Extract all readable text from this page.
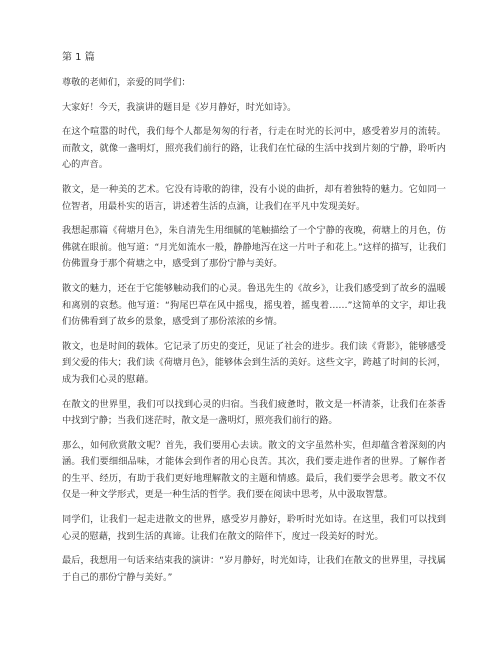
第 1 篇

尊敬的老师们，亲爱的同学们：

大家好！今天，我演讲的题目是《岁月静好，时光如诗》。

在这个喧嚣的时代，我们每个人都是匆匆的行者，行走在时光的长河中，感受着岁月的流转。而散文，就像一盏明灯，照亮我们前行的路，让我们在忙碌的生活中找到片刻的宁静，聆听内心的声音。

散文，是一种美的艺术。它没有诗歌的韵律，没有小说的曲折，却有着独特的魅力。它如同一位智者，用最朴实的语言，讲述着生活的点滴，让我们在平凡中发现美好。

我想起那篇《荷塘月色》，朱自清先生用细腻的笔触描绘了一个宁静的夜晚，荷塘上的月色，仿佛就在眼前。他写道：“月光如流水一般，静静地泻在这一片叶子和花上。”这样的描写，让我们仿佛置身于那个荷塘之中，感受到了那份宁静与美好。

散文的魅力，还在于它能够触动我们的心灵。鲁迅先生的《故乡》，让我们感受到了故乡的温暖和离别的哀愁。他写道：“狗尾巴草在风中摇曳，摇曳着，摇曳着……”这简单的文字，却让我们仿佛看到了故乡的景象，感受到了那份浓浓的乡情。

散文，也是时间的载体。它记录了历史的变迁，见证了社会的进步。我们读《背影》，能够感受到父爱的伟大；我们读《荷塘月色》，能够体会到生活的美好。这些文字，跨越了时间的长河，成为我们心灵的慰藉。

在散文的世界里，我们可以找到心灵的归宿。当我们疲惫时，散文是一杯清茶，让我们在茶香中找到宁静；当我们迷茫时，散文是一盏明灯，照亮我们前行的路。

那么，如何欣赏散文呢？首先，我们要用心去读。散文的文字虽然朴实，但却蕴含着深刻的内涵。我们要细细品味，才能体会到作者的用心良苦。其次，我们要走进作者的世界。了解作者的生平、经历，有助于我们更好地理解散文的主题和情感。最后，我们要学会思考。散文不仅仅是一种文学形式，更是一种生活的哲学。我们要在阅读中思考，从中汲取智慧。

同学们，让我们一起走进散文的世界，感受岁月静好，聆听时光如诗。在这里，我们可以找到心灵的慰藉，找到生活的真谛。让我们在散文的陪伴下，度过一段美好的时光。

最后，我想用一句话来结束我的演讲：“岁月静好，时光如诗，让我们在散文的世界里，寻找属于自己的那份宁静与美好。”
